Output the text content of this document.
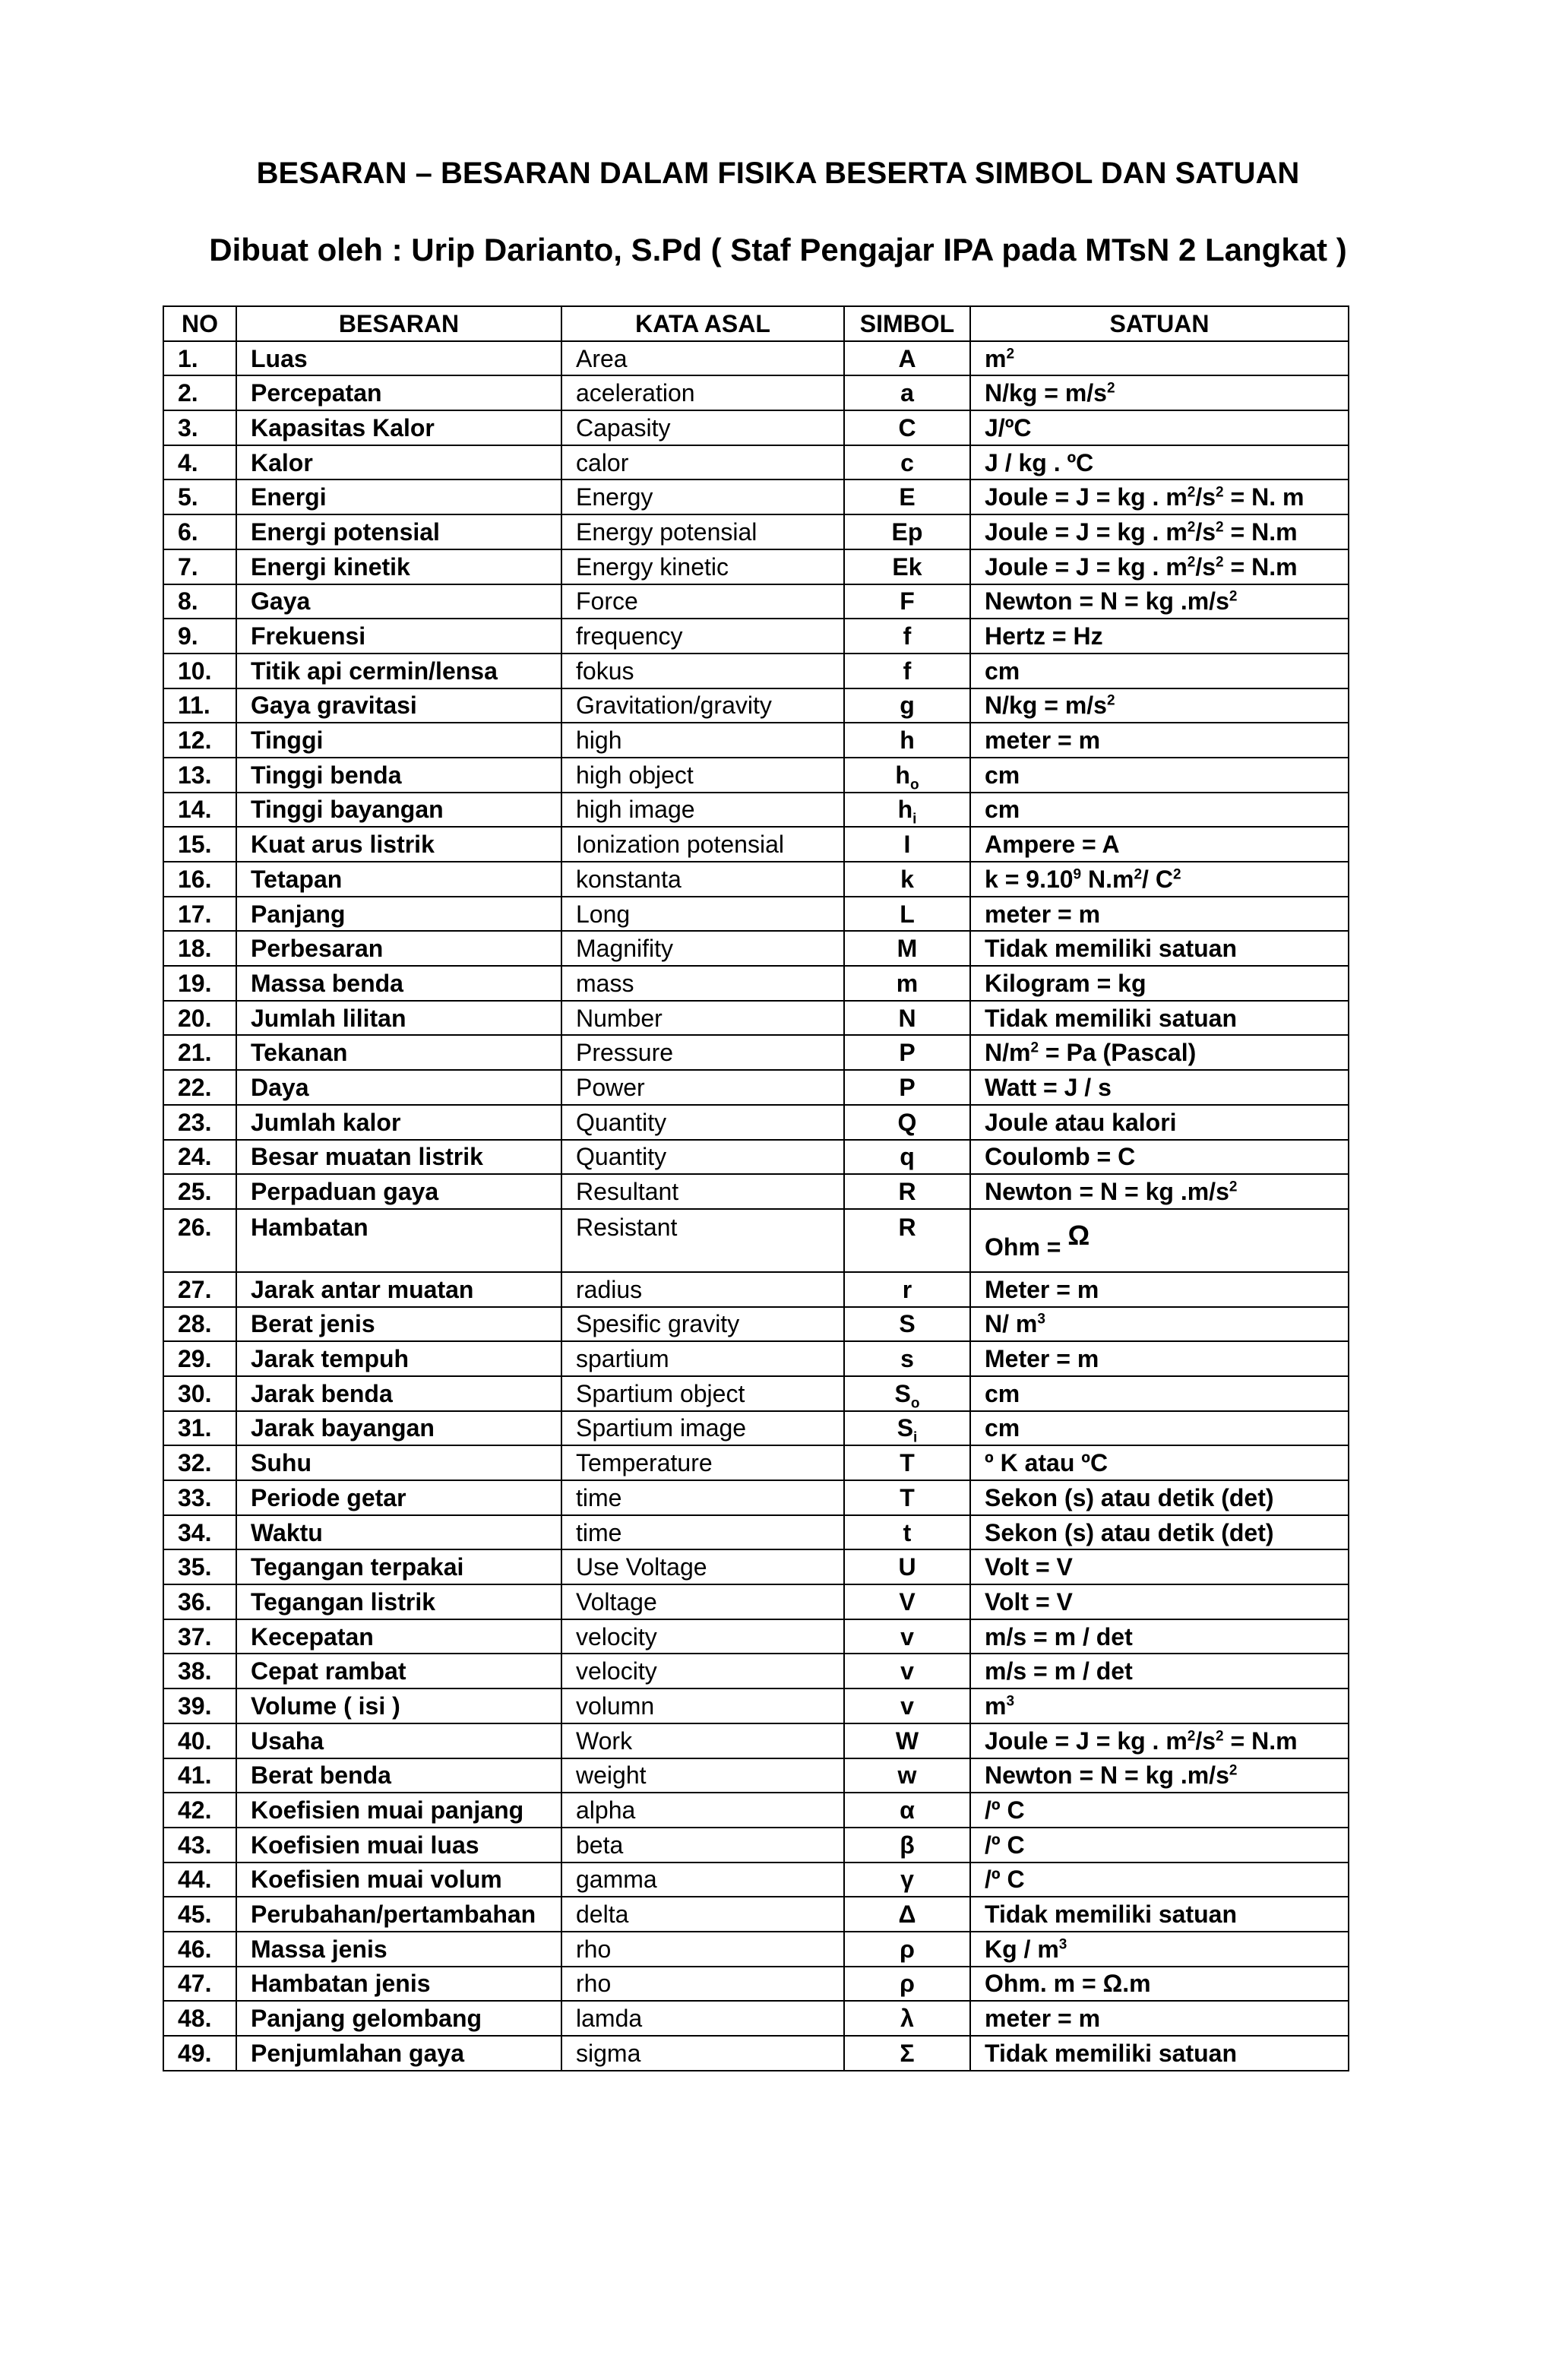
BESARAN – BESARAN DALAM FISIKA BESERTA SIMBOL DAN SATUAN
Dibuat oleh : Urip Darianto, S.Pd ( Staf Pengajar IPA pada MTsN 2 Langkat )
NO	BESARAN	KATA ASAL	SIMBOL	SATUAN
1.	Luas	Area	A	$m^2$
2.	Percepatan	aceleration	a	$N/kg = m/s^2$
3.	Kapasitas Kalor	Capasity	C	J/ºC
4.	Kalor	calor	c	J / kg . ºC
5.	Energi	Energy	E	Joule = J = kg . $m^2/s^2 = N$. m
6.	Energi potensial	Energy potensial	Ep	Joule = J = kg . $m^2/s^2 = N.m$
7.	Energi kinetik	Energy kinetic	Ek	Joule = J = kg . $m^2/s^2 = N.m$
8.	Gaya	Force	F	Newton = N = kg $.m/s^2$
9.	Frekuensi	frequency	f	Hertz = Hz
10.	Titik api cermin/lensa	fokus	f	cm
11.	Gaya gravitasi	Gravitation/gravity	g	$N/kg = m/s^2$
12.	Tinggi	high	h	meter = m
13.	Tinggi benda	high object	$h_o$	cm
14.	Tinggi bayangan	high image	$h_i$	cm
15.	Kuat arus listrik	Ionization potensial	I	Ampere = A
16.	Tetapan	konstanta	k	$k = 9.10^9$ $N.m^2/$ $C^2$
17.	Panjang	Long	L	meter = m
18.	Perbesaran	Magnifity	M	Tidak memiliki satuan
19.	Massa benda	mass	m	Kilogram = kg
20.	Jumlah lilitan	Number	N	Tidak memiliki satuan
21.	Tekanan	Pressure	P	$N/m^2 = Pa$ (Pascal)
22.	Daya	Power	P	Watt = J / s
23.	Jumlah kalor	Quantity	Q	Joule atau kalori
24.	Besar muatan listrik	Quantity	q	Coulomb = C
25.	Perpaduan gaya	Resultant	R	Newton = N = kg $.m/s^2$
26.	Hambatan	Resistant	R	Ohm = Ω
27.	Jarak antar muatan	radius	r	Meter = m
28.	Berat jenis	Spesific gravity	S	N/ $m^3$
29.	Jarak tempuh	spartium	s	Meter = m
30.	Jarak benda	Spartium object	$S_o$	cm
31.	Jarak bayangan	Spartium image	$S_i$	cm
32.	Suhu	Temperature	T	º K atau ºC
33.	Periode getar	time	T	Sekon (s) atau detik (det)
34.	Waktu	time	t	Sekon (s) atau detik (det)
35.	Tegangan terpakai	Use Voltage	U	Volt = V
36.	Tegangan listrik	Voltage	V	Volt = V
37.	Kecepatan	velocity	v	m/s = m / det
38.	Cepat rambat	velocity	v	m/s = m / det
39.	Volume ( isi )	volumn	v	$m^3$
40.	Usaha	Work	W	Joule = J = kg . $m^2/s^2 = N.m$
41.	Berat benda	weight	w	Newton = N = kg $.m/s^2$
42.	Koefisien muai panjang	alpha	α	/º C
43.	Koefisien muai luas	beta	β	/º C
44.	Koefisien muai volum	gamma	γ	/º C
45.	Perubahan/pertambahan	delta	Δ	Tidak memiliki satuan
46.	Massa jenis	rho	ρ	Kg / $m^3$
47.	Hambatan jenis	rho	ρ	Ohm. m = Ω.m
48.	Panjang gelombang	lamda	λ	meter = m
49.	Penjumlahan gaya	sigma	Σ	Tidak memiliki satuan
